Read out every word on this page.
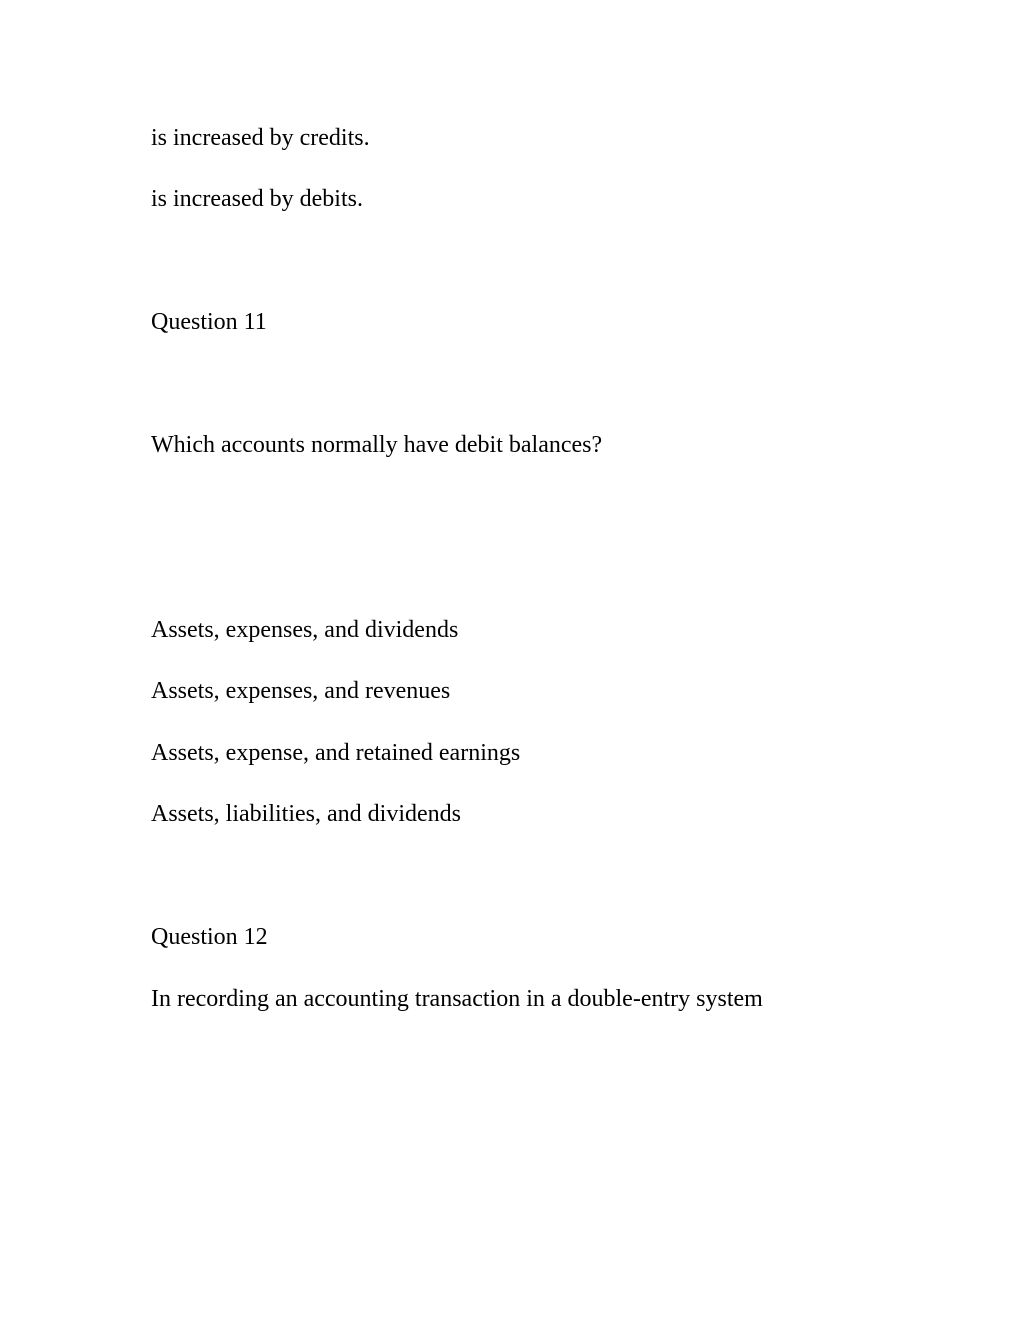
is increased by credits.
is increased by debits.
Question 11
Which accounts normally have debit balances?
Assets, expenses, and dividends
Assets, expenses, and revenues
Assets, expense, and retained earnings
Assets, liabilities, and dividends
Question 12
In recording an accounting transaction in a double-entry system
